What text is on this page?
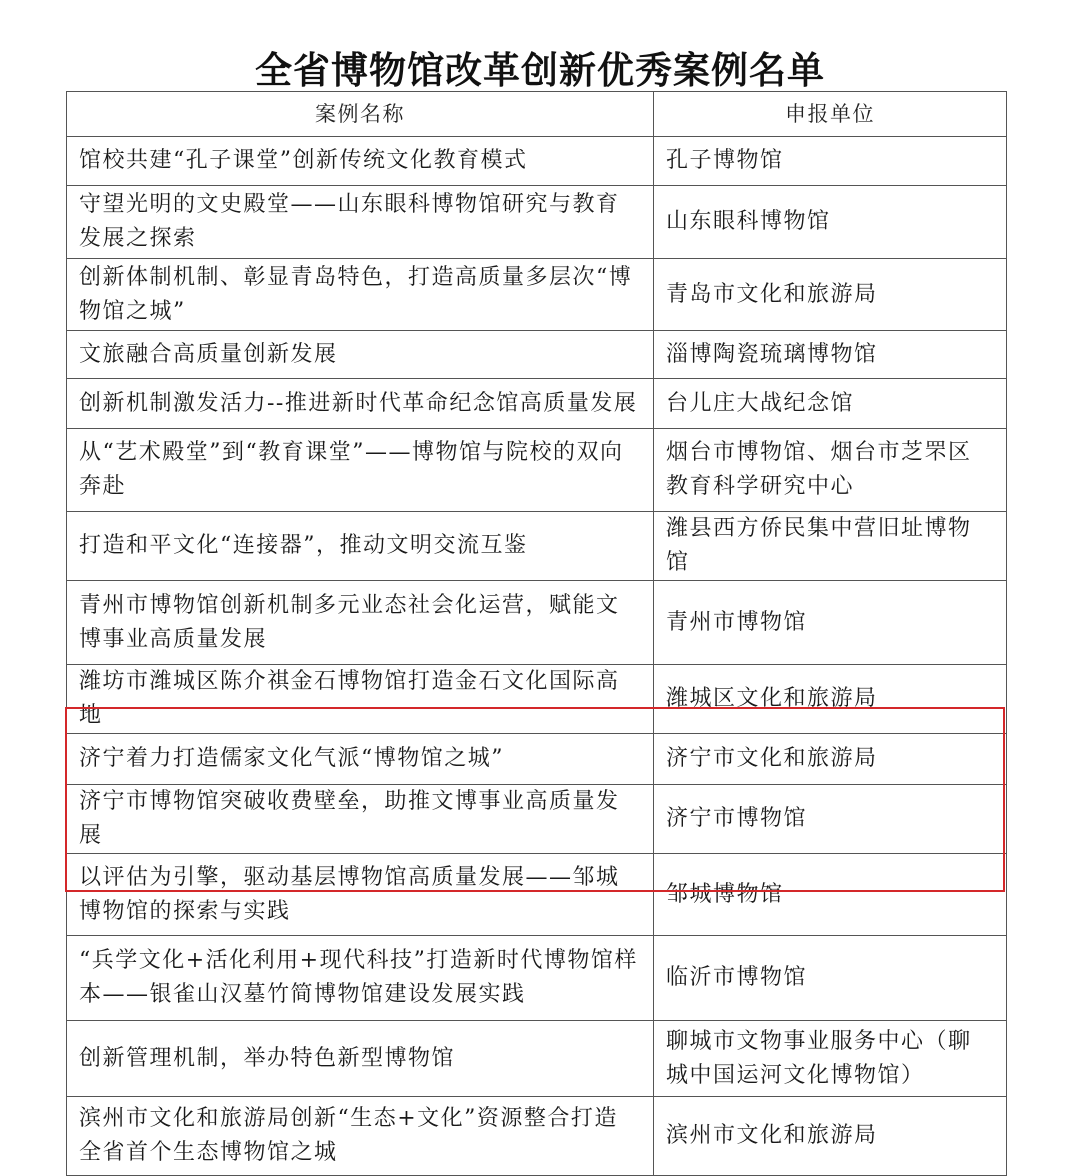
全省博物馆改革创新优秀案例名单
案例名称	申报单位
馆校共建“孔子课堂”创新传统文化教育模式	孔子博物馆
守望光明的文史殿堂——山东眼科博物馆研究与教育发展之探索	山东眼科博物馆
创新体制机制、彰显青岛特色，打造高质量多层次“博物馆之城”	青岛市文化和旅游局
文旅融合高质量创新发展	淄博陶瓷琉璃博物馆
创新机制激发活力--推进新时代革命纪念馆高质量发展	台儿庄大战纪念馆
从“艺术殿堂”到“教育课堂”——博物馆与院校的双向奔赴	烟台市博物馆、烟台市芝罘区教育科学研究中心
打造和平文化“连接器”，推动文明交流互鉴	潍县西方侨民集中营旧址博物馆
青州市博物馆创新机制多元业态社会化运营，赋能文博事业高质量发展	青州市博物馆
潍坊市潍城区陈介祺金石博物馆打造金石文化国际高地	潍城区文化和旅游局
济宁着力打造儒家文化气派“博物馆之城”	济宁市文化和旅游局
济宁市博物馆突破收费壁垒，助推文博事业高质量发展	济宁市博物馆
以评估为引擎，驱动基层博物馆高质量发展——邹城博物馆的探索与实践	邹城博物馆
“兵学文化+活化利用+现代科技”打造新时代博物馆样本——银雀山汉墓竹简博物馆建设发展实践	临沂市博物馆
创新管理机制，举办特色新型博物馆	聊城市文物事业服务中心（聊城中国运河文化博物馆）
滨州市文化和旅游局创新“生态+文化”资源整合打造全省首个生态博物馆之城	滨州市文化和旅游局
